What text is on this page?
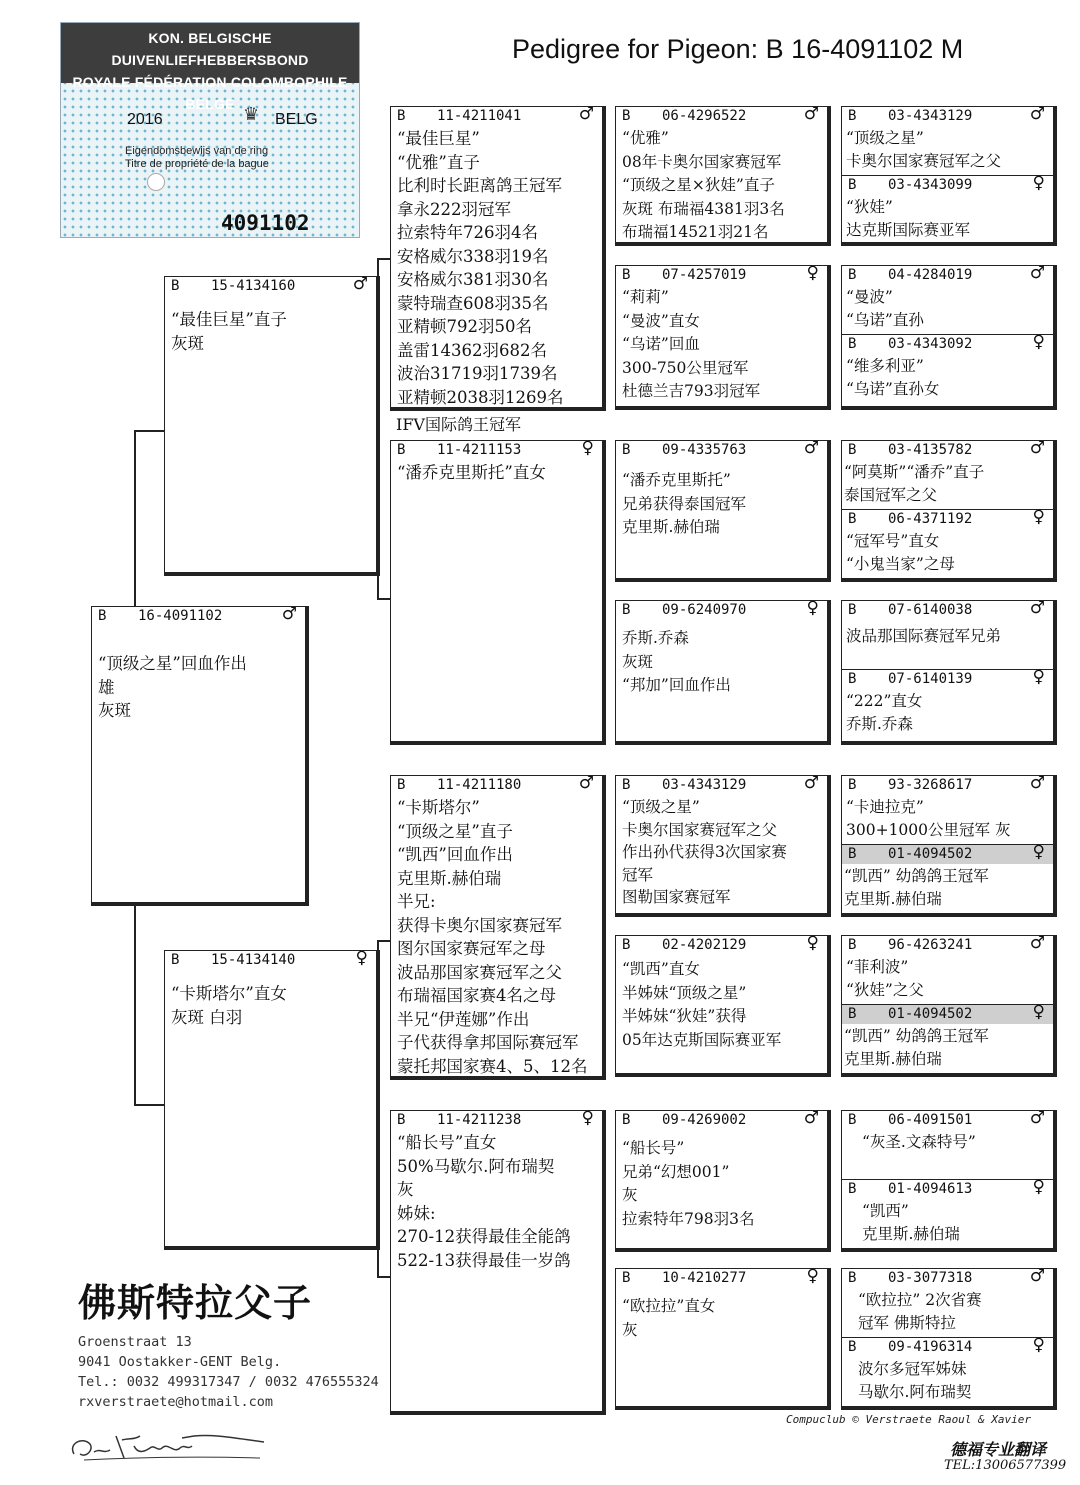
Pedigree for Pigeon: B 16-4091102 M
KON. BELGISCHE DUIVENLIEFHEBBERSBOND
ROYALE FÉDÉRATION COLOMBOPHILE BELGE
2016	♛ BELG
Eigendomsbewijs van de ring
Titre de propriété de la bague
4091102
B 16-4091102	♂
“顶级之星”回血作出
雄
灰斑
B 15-4134160	♂
“最佳巨星”直子
灰斑
B 15-4134140	♀
“卡斯塔尔”直女
灰斑 白羽
B 11-4211041	♂
“最佳巨星”
“优雅”直子
比利时长距离鸽王冠军
拿永222羽冠军
拉索特年726羽4名
安格威尔338羽19名
安格威尔381羽30名
蒙特瑞查608羽35名
亚精顿792羽50名
盖雷14362羽682名
波治31719羽1739名
亚精顿2038羽1269名
IFV国际鸽王冠军
B 11-4211153	♀
“潘乔克里斯托”直女
B 11-4211180	♂
“卡斯塔尔”
“顶级之星”直子
“凯西”回血作出
克里斯.赫伯瑞
半兄:
获得卡奥尔国家赛冠军
图尔国家赛冠军之母
波品那国家赛冠军之父
布瑞福国家赛4名之母
半兄“伊莲娜”作出
子代获得拿邦国际赛冠军
蒙托邦国家赛4、5、12名
B 11-4211238	♀
“船长号”直女
50%马歇尔.阿布瑞契
灰
姊妹:
270-12获得最佳全能鸽
522-13获得最佳一岁鸽
B 06-4296522	♂
“优雅”
08年卡奥尔国家赛冠军
“顶级之星×狄娃”直子
灰斑 布瑞福4381羽3名
布瑞福14521羽21名
B 07-4257019	♀
“莉莉”
“曼波”直女
“乌诺”回血
300-750公里冠军
杜德兰吉793羽冠军
B 09-4335763	♂
“潘乔克里斯托”
兄弟获得泰国冠军
克里斯.赫伯瑞
B 09-6240970	♀
乔斯.乔森
灰斑
“邦加”回血作出
B 03-4343129	♂
“顶级之星”
卡奥尔国家赛冠军之父
作出孙代获得3次国家赛
冠军
图勒国家赛冠军
B 02-4202129	♀
“凯西”直女
半姊妹“顶级之星”
半姊妹“狄娃”获得
05年达克斯国际赛亚军
B 09-4269002	♂
“船长号”
兄弟“幻想001”
灰
拉索特年798羽3名
B 10-4210277	♀
“欧拉拉”直女
灰
B 03-4343129	♂
“顶级之星”
卡奥尔国家赛冠军之父
B 03-4343099	♀
“狄娃”
达克斯国际赛亚军
B 04-4284019	♂
“曼波”
“乌诺”直孙
B 03-4343092	♀
“维多利亚”
“乌诺”直孙女
B 03-4135782	♂
“阿莫斯”“潘乔”直子
泰国冠军之父
B 06-4371192	♀
“冠军号”直女
“小鬼当家”之母
B 07-6140038	♂
波品那国际赛冠军兄弟
B 07-6140139	♀
“222”直女
乔斯.乔森
B 93-3268617	♂
“卡迪拉克”
300+1000公里冠军 灰
B 01-4094502	♀
“凯西” 幼鸽鸽王冠军
克里斯.赫伯瑞
B 96-4263241	♂
“菲利波”
“狄娃”之父
B 01-4094502	♀
“凯西” 幼鸽鸽王冠军
克里斯.赫伯瑞
B 06-4091501	♂
“灰圣.文森特号”
B 01-4094613	♀
“凯西”
克里斯.赫伯瑞
B 03-3077318	♂
“欧拉拉” 2次省赛
冠军 佛斯特拉
B 09-4196314	♀
波尔多冠军姊妹
马歇尔.阿布瑞契
佛斯特拉父子
Groenstraat 13
9041 Oostakker-GENT Belg.
Tel.: 0032 499317347 / 0032 476555324
rxverstraete@hotmail.com
Compuclub © Verstraete Raoul & Xavier
德福专业翻译
TEL:13006577399
